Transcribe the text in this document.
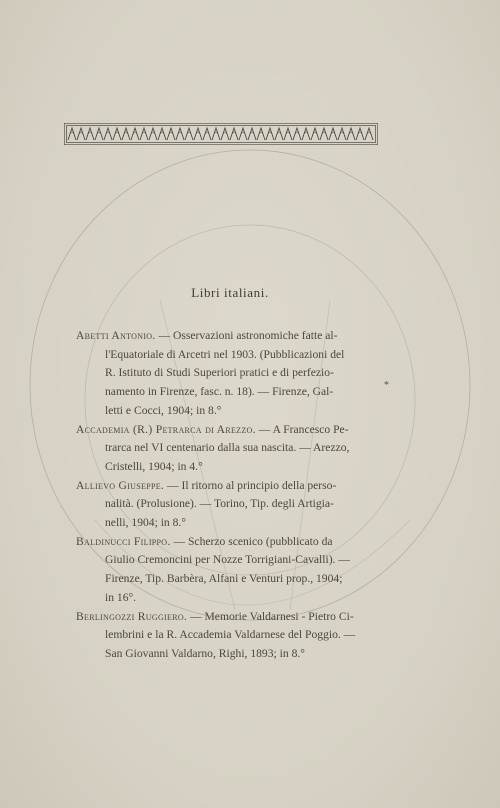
Libri italiani.

Abetti Antonio. — Osservazioni astronomiche fatte al-
l'Equatoriale di Arcetri nel 1903. (Pubblicazioni del
R. Istituto di Studi Superiori pratici e di perfezio-
namento in Firenze, fasc. n. 18). — Firenze, Gal-
letti e Cocci, 1904; in 8.°

Accademia (R.) Petrarca di Arezzo. — A Francesco Pe-
trarca nel VI centenario dalla sua nascita. — Arezzo,
Cristelli, 1904; in 4.°

Allievo Giuseppe. — Il ritorno al principio della perso-
nalità. (Prolusione). — Torino, Tip. degli Artigia-
nelli, 1904; in 8.°

Baldinucci Filippo. — Scherzo scenico (pubblicato da
Giulio Cremoncini per Nozze Torrigiani-Cavalli). —
Firenze, Tip. Barbèra, Alfani e Venturi prop., 1904;
in 16°.

Berlingozzi Ruggiero. — Memorie Valdarnesi - Pietro Ci-
lembrini e la R. Accademia Valdarnese del Poggio. —
San Giovanni Valdarno, Righi, 1893; in 8.°

*
